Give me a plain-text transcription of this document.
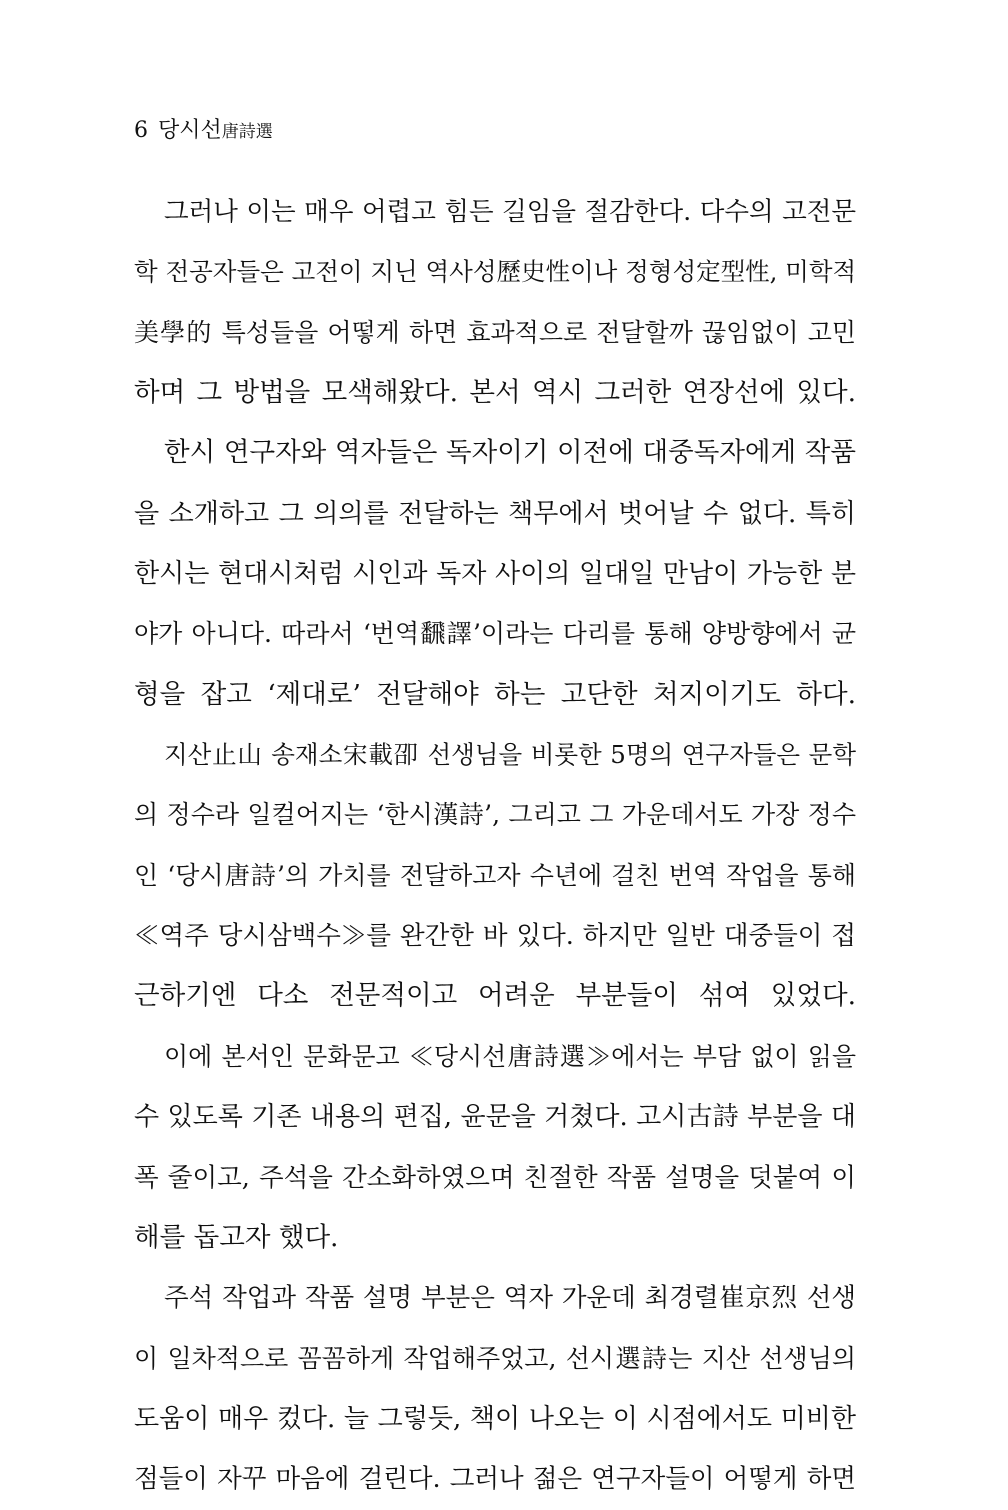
6 당시선唐詩選
그러나 이는 매우 어렵고 힘든 길임을 절감한다. 다수의 고전문
학 전공자들은 고전이 지닌 역사성歷史性이나 정형성定型性, 미학적
美學的 특성들을 어떻게 하면 효과적으로 전달할까 끊임없이 고민
하며 그 방법을 모색해왔다. 본서 역시 그러한 연장선에 있다.
한시 연구자와 역자들은 독자이기 이전에 대중독자에게 작품
을 소개하고 그 의의를 전달하는 책무에서 벗어날 수 없다. 특히
한시는 현대시처럼 시인과 독자 사이의 일대일 만남이 가능한 분
야가 아니다. 따라서 ‘번역飜譯’이라는 다리를 통해 양방향에서 균
형을 잡고 ‘제대로’ 전달해야 하는 고단한 처지이기도 하다.
지산止山 송재소宋載卲 선생님을 비롯한 5명의 연구자들은 문학
의 정수라 일컬어지는 ‘한시漢詩’, 그리고 그 가운데서도 가장 정수
인 ‘당시唐詩’의 가치를 전달하고자 수년에 걸친 번역 작업을 통해
≪역주 당시삼백수≫를 완간한 바 있다. 하지만 일반 대중들이 접
근하기엔 다소 전문적이고 어려운 부분들이 섞여 있었다.
이에 본서인 문화문고 ≪당시선唐詩選≫에서는 부담 없이 읽을
수 있도록 기존 내용의 편집, 윤문을 거쳤다. 고시古詩 부분을 대
폭 줄이고, 주석을 간소화하였으며 친절한 작품 설명을 덧붙여 이
해를 돕고자 했다.
주석 작업과 작품 설명 부분은 역자 가운데 최경렬崔京烈 선생
이 일차적으로 꼼꼼하게 작업해주었고, 선시選詩는 지산 선생님의
도움이 매우 컸다. 늘 그렇듯, 책이 나오는 이 시점에서도 미비한
점들이 자꾸 마음에 걸린다. 그러나 젊은 연구자들이 어떻게 하면
